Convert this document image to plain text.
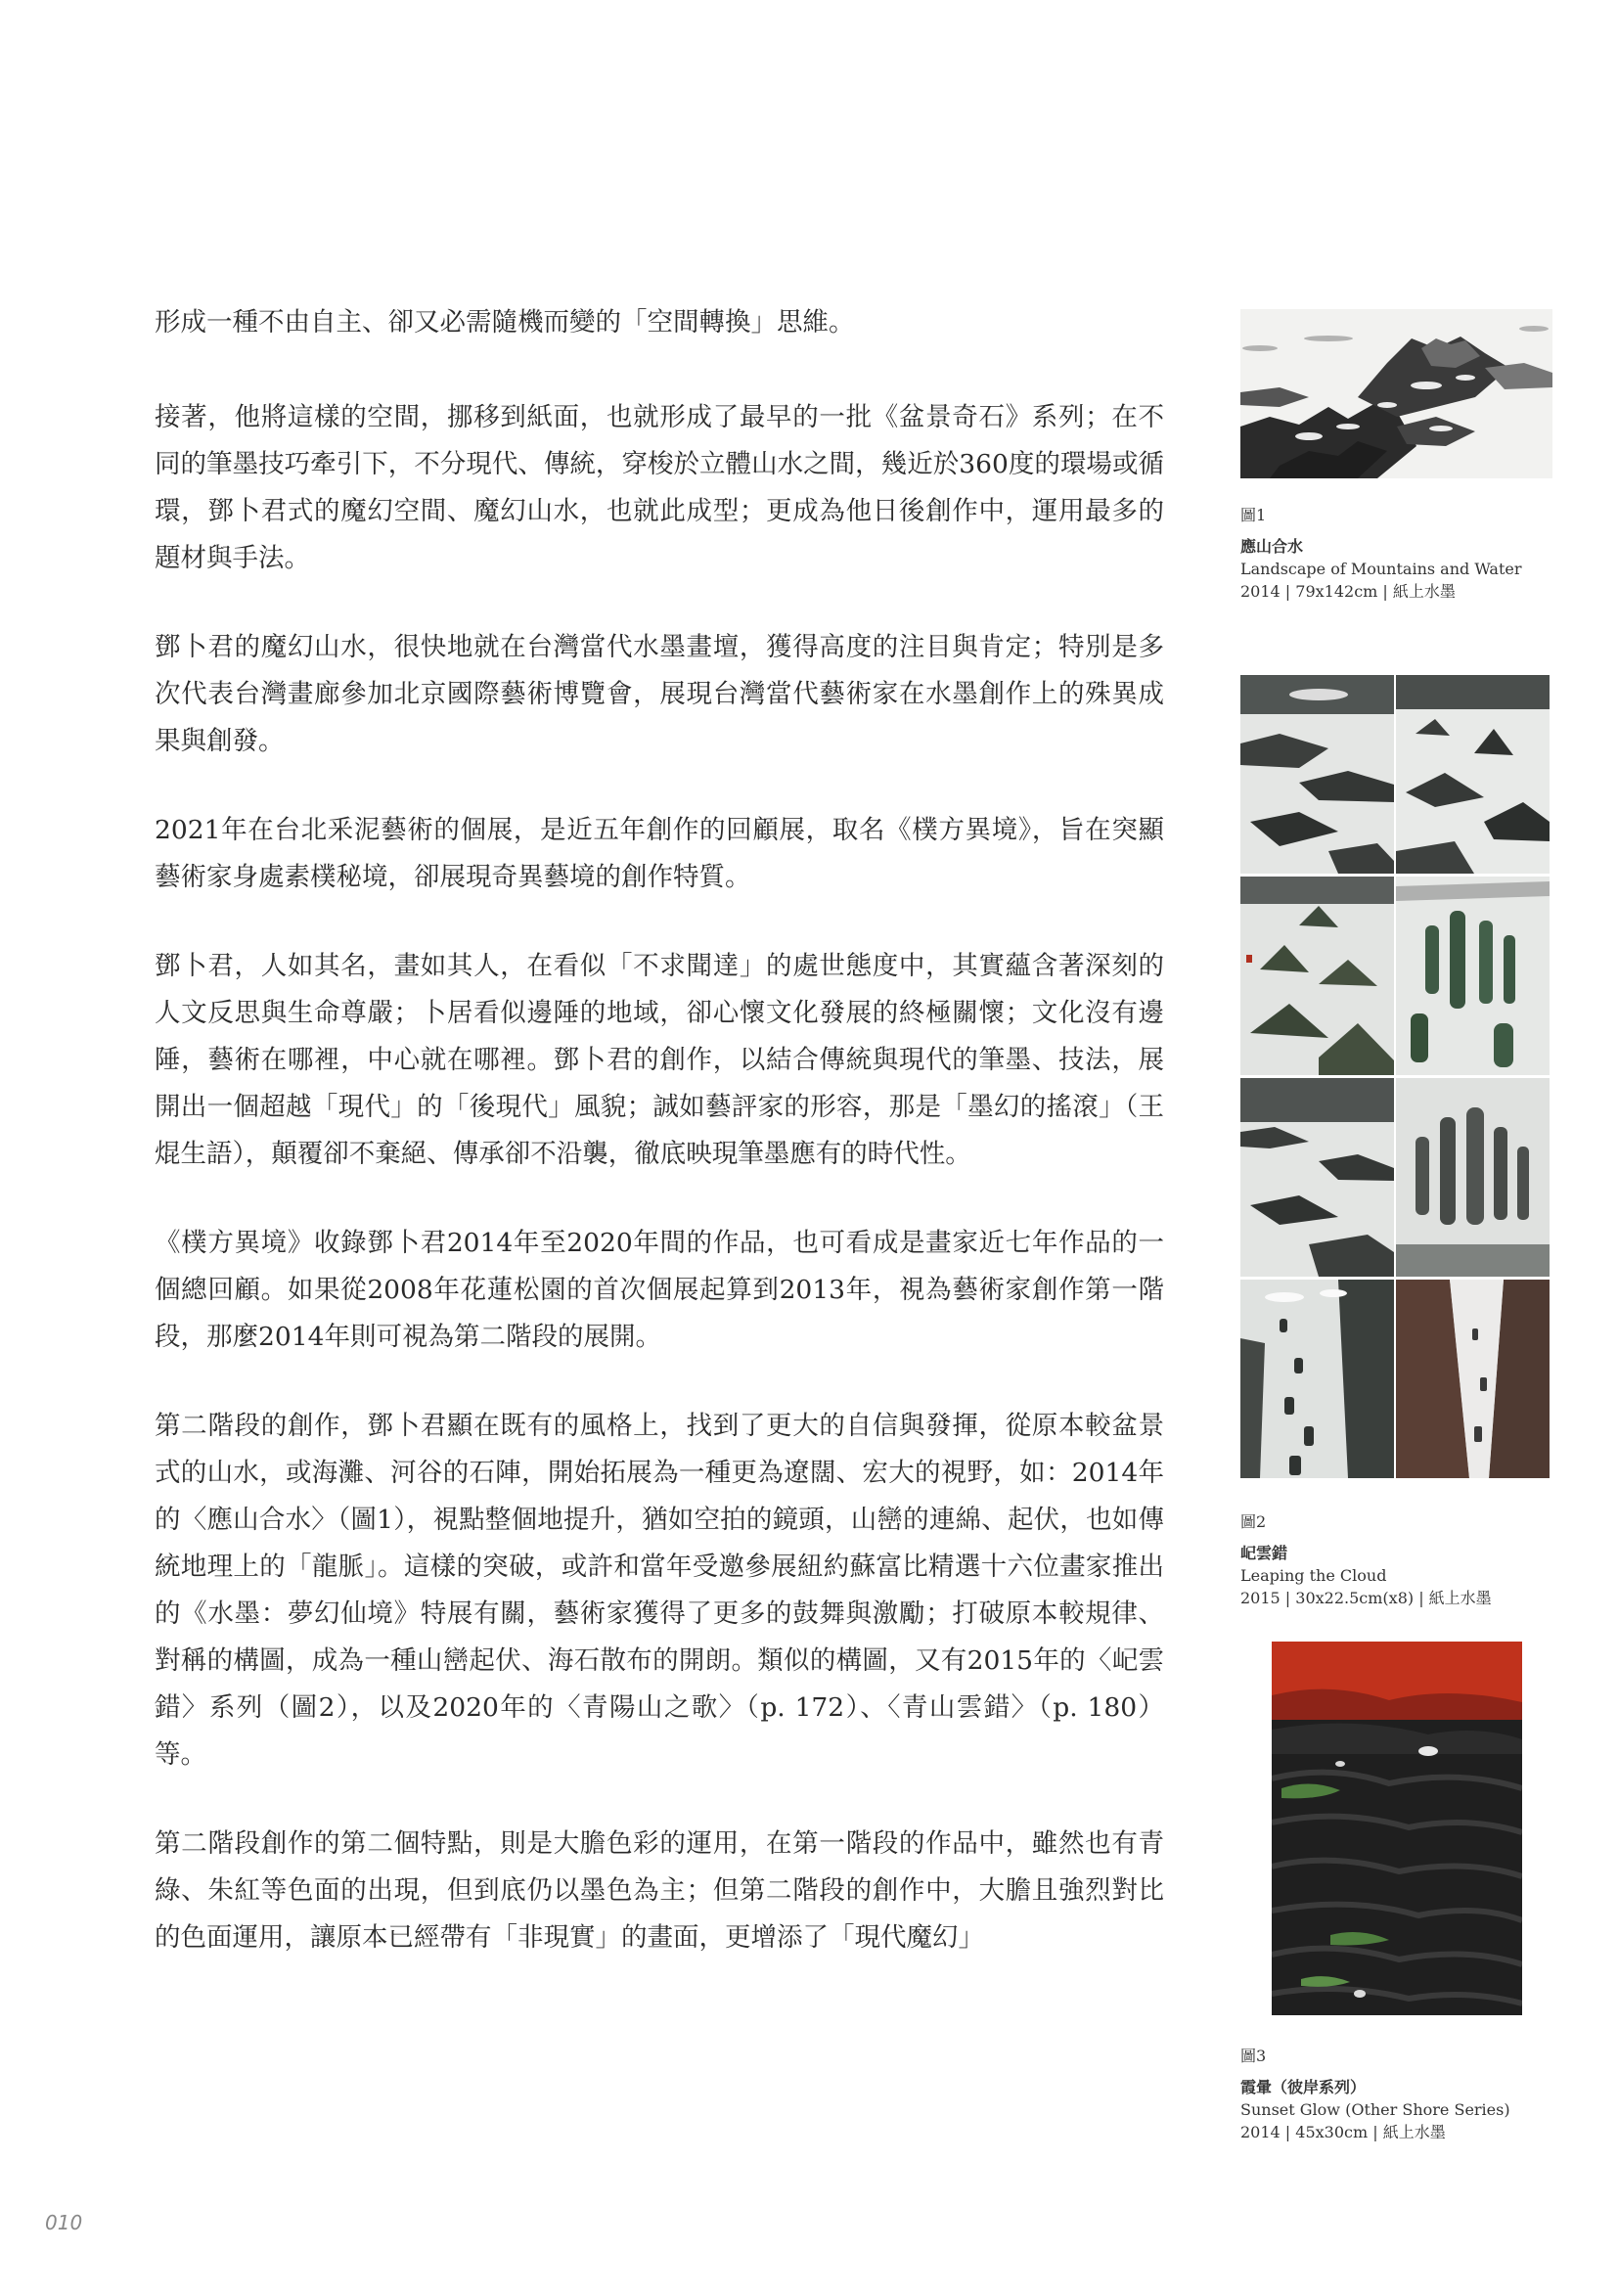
形成一種不由自主、卻又必需隨機而變的「空間轉換」思維。

接著，他將這樣的空間，挪移到紙面，也就形成了最早的一批《盆景奇石》系列；在不同的筆墨技巧牽引下，不分現代、傳統，穿梭於立體山水之間，幾近於360度的環場或循環，鄧卜君式的魔幻空間、魔幻山水，也就此成型；更成為他日後創作中，運用最多的題材與手法。

鄧卜君的魔幻山水，很快地就在台灣當代水墨畫壇，獲得高度的注目與肯定；特別是多次代表台灣畫廊參加北京國際藝術博覽會，展現台灣當代藝術家在水墨創作上的殊異成果與創發。

2021年在台北釆泥藝術的個展，是近五年創作的回顧展，取名《樸方異境》，旨在突顯藝術家身處素樸秘境，卻展現奇異藝境的創作特質。

鄧卜君，人如其名，畫如其人，在看似「不求聞達」的處世態度中，其實蘊含著深刻的人文反思與生命尊嚴；卜居看似邊陲的地域，卻心懷文化發展的終極關懷；文化沒有邊陲，藝術在哪裡，中心就在哪裡。鄧卜君的創作，以結合傳統與現代的筆墨、技法，展開出一個超越「現代」的「後現代」風貌；誠如藝評家的形容，那是「墨幻的搖滾」（王焜生語），顛覆卻不棄絕、傳承卻不沿襲，徹底映現筆墨應有的時代性。

《樸方異境》收錄鄧卜君2014年至2020年間的作品，也可看成是畫家近七年作品的一個總回顧。如果從2008年花蓮松園的首次個展起算到2013年，視為藝術家創作第一階段，那麼2014年則可視為第二階段的展開。

第二階段的創作，鄧卜君顯在既有的風格上，找到了更大的自信與發揮，從原本較盆景式的山水，或海灘、河谷的石陣，開始拓展為一種更為遼闊、宏大的視野，如：2014年的〈應山合水〉（圖1），視點整個地提升，猶如空拍的鏡頭，山巒的連綿、起伏，也如傳統地理上的「龍脈」。這樣的突破，或許和當年受邀參展紐約蘇富比精選十六位畫家推出的《水墨：夢幻仙境》特展有關，藝術家獲得了更多的鼓舞與激勵；打破原本較規律、對稱的構圖，成為一種山巒起伏、海石散布的開朗。類似的構圖，又有2015年的〈屺雲錯〉系列（圖2），以及2020年的〈青陽山之歌〉（p. 172）、〈青山雲錯〉（p. 180）等。

第二階段創作的第二個特點，則是大膽色彩的運用，在第一階段的作品中，雖然也有青綠、朱紅等色面的出現，但到底仍以墨色為主；但第二階段的創作中，大膽且強烈對比的色面運用，讓原本已經帶有「非現實」的畫面，更增添了「現代魔幻」

圖1
應山合水
Landscape of Mountains and Water
2014 | 79x142cm | 紙上水墨
圖2
屺雲錯
Leaping the Cloud
2015 | 30x22.5cm(x8) | 紙上水墨
圖3
霞暈（彼岸系列）
Sunset Glow (Other Shore Series)
2014 | 45x30cm | 紙上水墨
010
